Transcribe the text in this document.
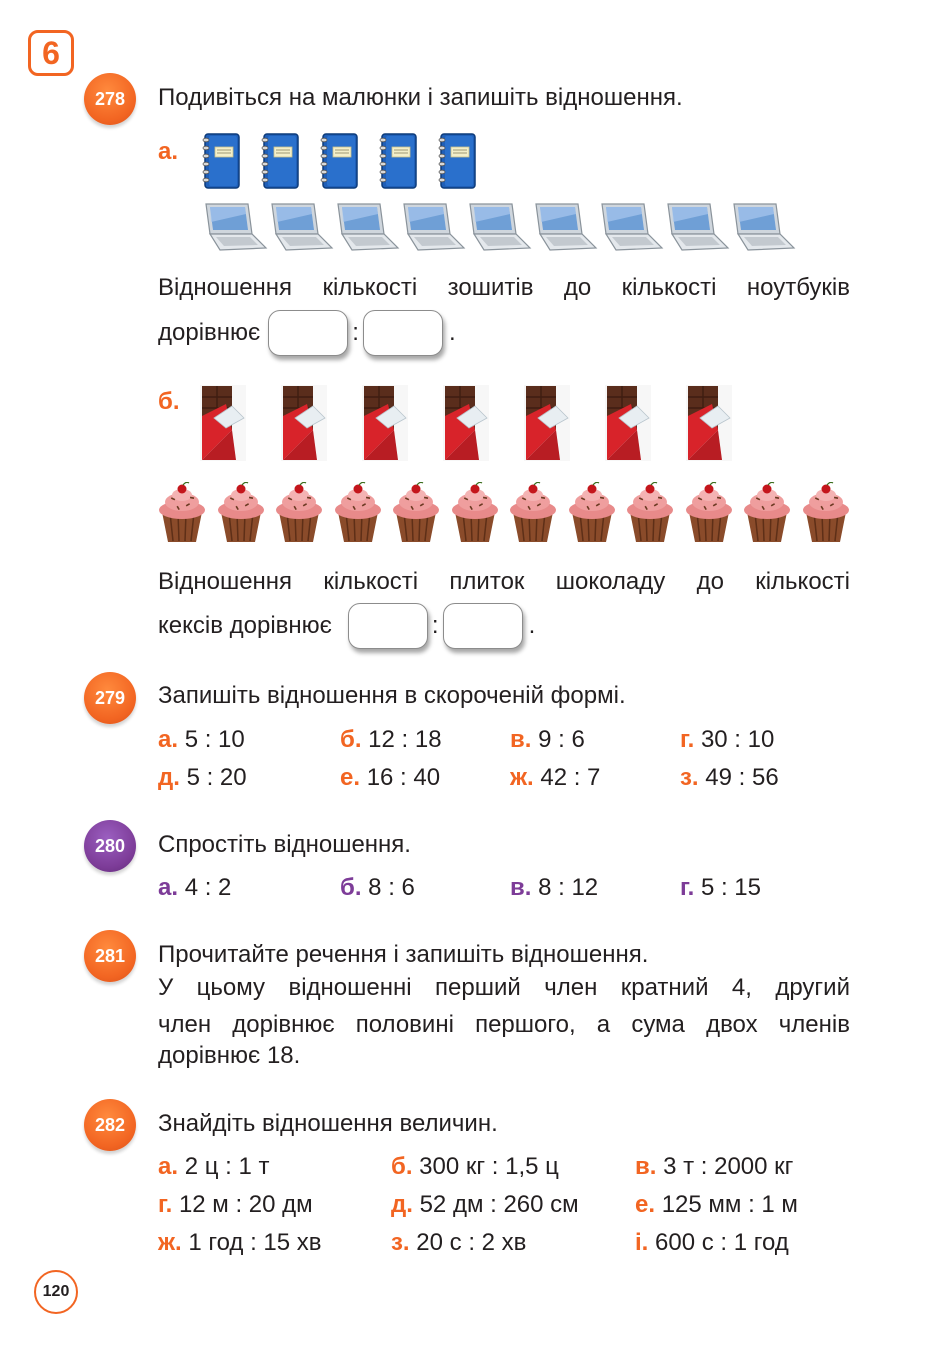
6
278	Подивіться на малюнки і запишіть відношення.
а.
Відношення кількості зошитів до кількості ноутбуків
дорівнює	:	.
б.
Відношення кількості плиток шоколаду до кількості
кексів дорівнює	:	.
279	Запишіть відношення в скороченій формі.
а. 5 : 10	б. 12 : 18	в. 9 : 6	г. 30 : 10
д. 5 : 20	е. 16 : 40	ж. 42 : 7	з. 49 : 56
280	Спростіть відношення.
а. 4 : 2	б. 8 : 6	в. 8 : 12	г. 5 : 15
281	Прочитайте речення і запишіть відношення.
У цьому відношенні перший член кратний 4, другий
член дорівнює половині першого, а сума двох членів
дорівнює 18.
282	Знайдіть відношення величин.
а. 2 ц : 1 т	б. 300 кг : 1,5 ц	в. 3 т : 2000 кг
г. 12 м : 20 дм	д. 52 дм : 260 см	е. 125 мм : 1 м
ж. 1 год : 15 хв	з. 20 с : 2 хв	і. 600 с : 1 год
120
